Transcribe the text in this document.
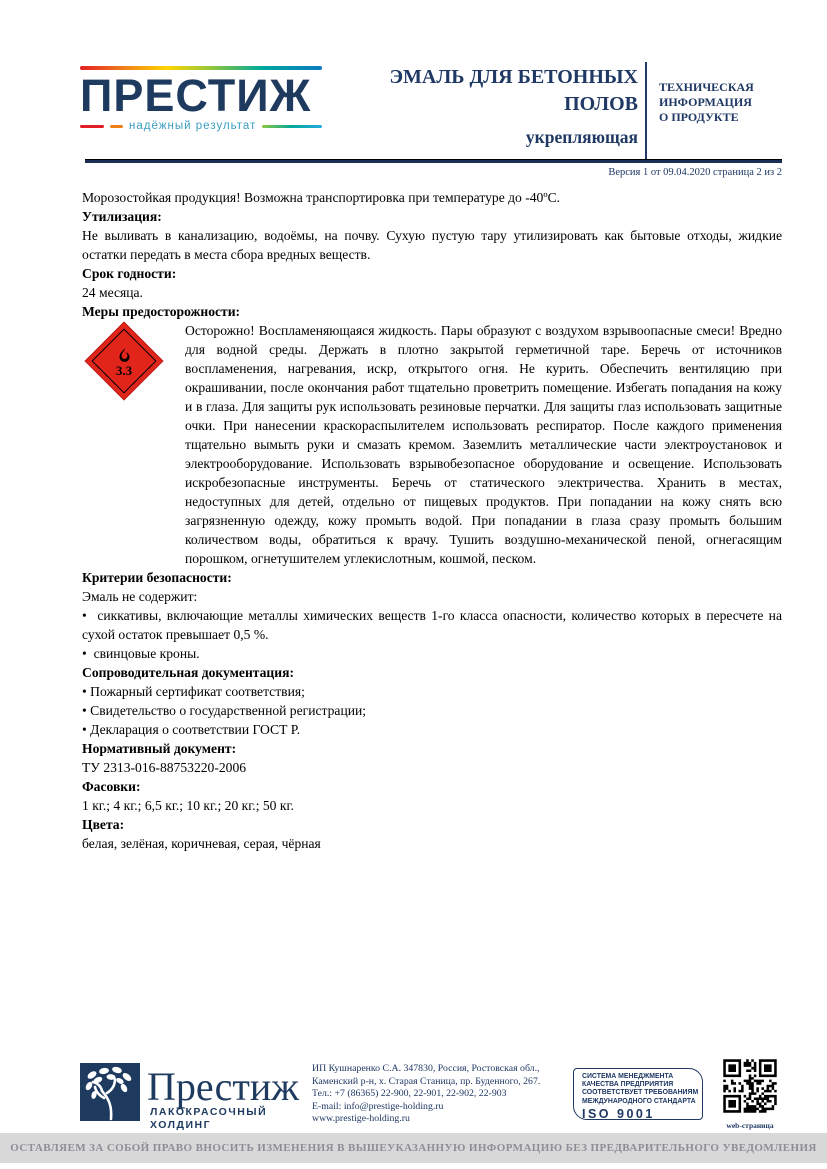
ПРЕСТИЖ
надёжный результат
ЭМАЛЬ ДЛЯ БЕТОННЫХ
ПОЛОВ
укрепляющая
ТЕХНИЧЕСКАЯ
ИНФОРМАЦИЯ
О ПРОДУКТЕ
Версия 1 от 09.04.2020 страница 2 из 2

Морозостойкая продукция! Возможна транспортировка при температуре до -40ºС.

Утилизация:

Не выливать в канализацию, водоёмы, на почву. Сухую пустую тару утилизировать как бытовые отходы, жидкие остатки передать в места сбора вредных веществ.

Срок годности:

24 месяца.

Меры предосторожности:
3.3

Осторожно! Воспламеняющаяся жидкость. Пары образуют с воздухом взрывоопасные смеси! Вредно для водной среды. Держать в плотно закрытой герметичной таре. Беречь от источников воспламенения, нагревания, искр, открытого огня. Не курить. Обеспечить вентиляцию при окрашивании, после окончания работ тщательно проветрить помещение. Избегать попадания на кожу и в глаза. Для защиты рук использовать резиновые перчатки. Для защиты глаз использовать защитные очки. При нанесении краскораспылителем использовать респиратор. После каждого применения тщательно вымыть руки и смазать кремом. Заземлить металлические части электроустановок и электрооборудование. Использовать взрывобезопасное оборудование и освещение. Использовать искробезопасные инструменты. Беречь от статического электричества. Хранить в местах, недоступных для детей, отдельно от пищевых продуктов. При попадании на кожу снять всю загрязненную одежду, кожу промыть водой. При попадании в глаза сразу промыть большим количеством воды, обратиться к врачу. Тушить воздушно-механической пеной, огнегасящим порошком, огнетушителем углекислотным, кошмой, песком.

Критерии безопасности:

Эмаль не содержит:

•  сиккативы, включающие металлы химических веществ 1-го класса опасности, количество которых в пересчете на сухой остаток превышает 0,5 %.

•  свинцовые кроны.

Сопроводительная документация:

• Пожарный сертификат соответствия;

• Свидетельство о государственной регистрации;

• Декларация о соответствии ГОСТ Р.

Нормативный документ:

ТУ 2313-016-88753220-2006

Фасовки:

1 кг.; 4 кг.; 6,5 кг.; 10 кг.; 20 кг.; 50 кг.

Цвета:

белая, зелёная, коричневая, серая, чёрная

Престиж
ЛАКОКРАСОЧНЫЙ
ХОЛДИНГ
ИП Кушнаренко С.А. 347830, Россия, Ростовская обл.,
Каменский р-н, х. Старая Станица, пр. Буденного, 267.
Тел.: +7 (86365) 22-900, 22-901, 22-902, 22-903
E-mail: info@prestige-holding.ru
www.prestige-holding.ru
СИСТЕМА МЕНЕДЖМЕНТА
КАЧЕСТВА ПРЕДПРИЯТИЯ
СООТВЕТСТВУЕТ ТРЕБОВАНИЯМ
МЕЖДУНАРОДНОГО СТАНДАРТА
ISO 9001
web-страница
ОСТАВЛЯЕМ ЗА СОБОЙ ПРАВО ВНОСИТЬ ИЗМЕНЕНИЯ В ВЫШЕУКАЗАННУЮ ИНФОРМАЦИЮ БЕЗ ПРЕДВАРИТЕЛЬНОГО УВЕДОМЛЕНИЯ
